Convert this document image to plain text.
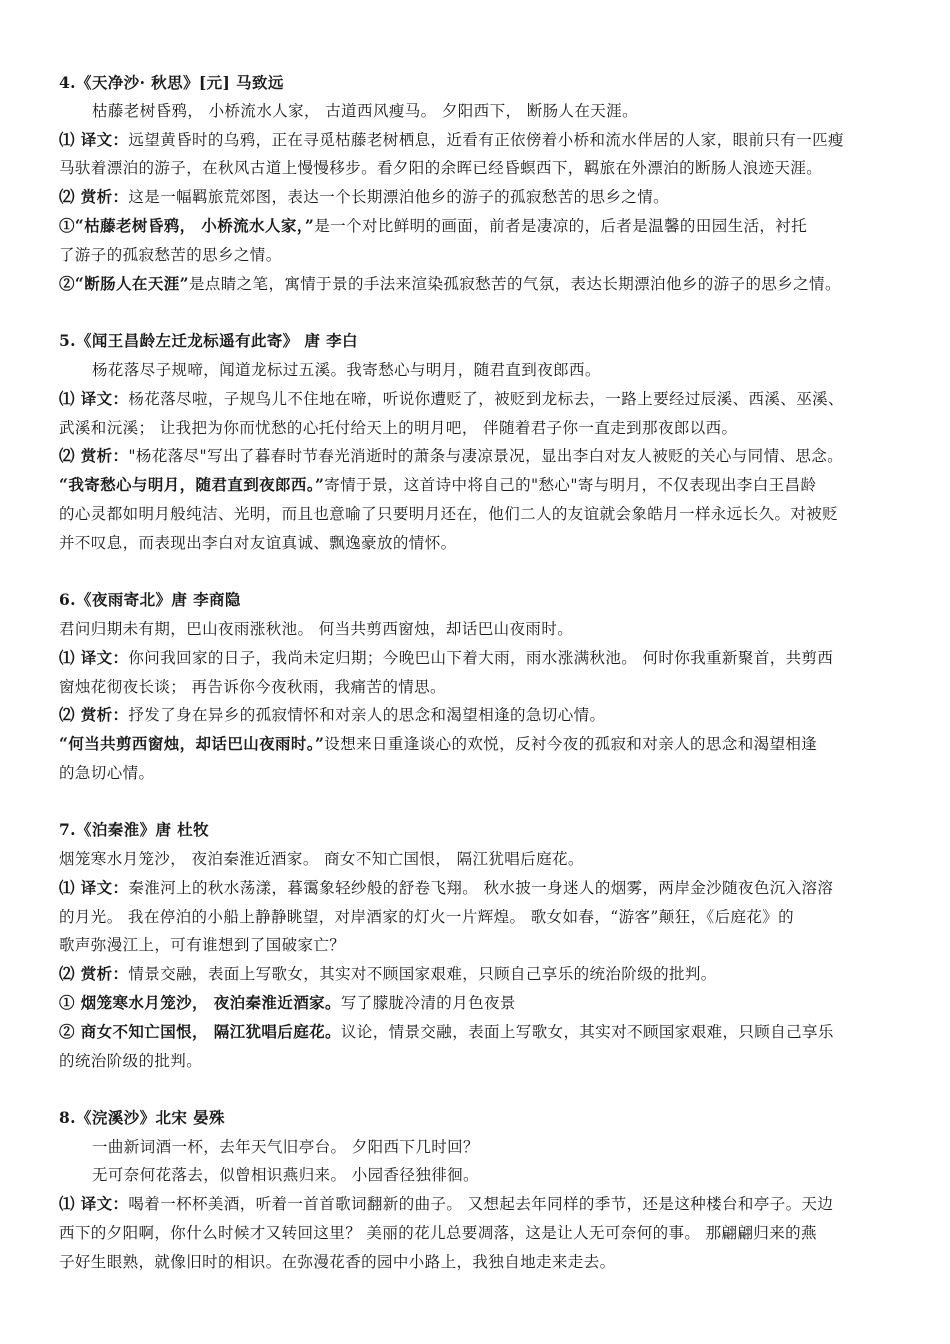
4.《天净沙· 秋思》[元] 马致远
枯藤老树昏鸦， 小桥流水人家， 古道西风瘦马。 夕阳西下， 断肠人在天涯。
⑴ 译文：远望黄昏时的乌鸦，正在寻觅枯藤老树栖息，近看有正依傍着小桥和流水伴居的人家，眼前只有一匹瘦
马驮着漂泊的游子，在秋风古道上慢慢移步。看夕阳的余晖已经昏螟西下，羁旅在外漂泊的断肠人浪迹天涯。
⑵ 赏析：这是一幅羁旅荒郊图，表达一个长期漂泊他乡的游子的孤寂愁苦的思乡之情。
①“枯藤老树昏鸦， 小桥流水人家，”是一个对比鲜明的画面，前者是凄凉的，后者是温馨的田园生活，衬托
了游子的孤寂愁苦的思乡之情。
②“断肠人在天涯”是点睛之笔，寓情于景的手法来渲染孤寂愁苦的气氛，表达长期漂泊他乡的游子的思乡之情。
5.《闻王昌龄左迁龙标遥有此寄》 唐 李白
杨花落尽子规啼，闻道龙标过五溪。我寄愁心与明月，随君直到夜郎西。
⑴ 译文：杨花落尽啦，子规鸟儿不住地在啼，听说你遭贬了，被贬到龙标去，一路上要经过辰溪、西溪、巫溪、
武溪和沅溪； 让我把为你而忧愁的心托付给天上的明月吧， 伴随着君子你一直走到那夜郎以西。
⑵ 赏析："杨花落尽"写出了暮春时节春光消逝时的萧条与凄凉景况，显出李白对友人被贬的关心与同情、思念。
“我寄愁心与明月，随君直到夜郎西。”寄情于景，这首诗中将自己的"愁心"寄与明月，不仅表现出李白王昌龄
的心灵都如明月般纯洁、光明，而且也意喻了只要明月还在，他们二人的友谊就会象皓月一样永远长久。对被贬
并不叹息，而表现出李白对友谊真诚、飘逸豪放的情怀。
6.《夜雨寄北》唐 李商隐
君问归期未有期，巴山夜雨涨秋池。 何当共剪西窗烛，却话巴山夜雨时。
⑴ 译文：你问我回家的日子，我尚未定归期；今晚巴山下着大雨，雨水涨满秋池。 何时你我重新聚首，共剪西
窗烛花彻夜长谈； 再告诉你今夜秋雨，我痛苦的情思。
⑵ 赏析：抒发了身在异乡的孤寂情怀和对亲人的思念和渴望相逢的急切心情。
“何当共剪西窗烛，却话巴山夜雨时。”设想来日重逢谈心的欢悦，反衬今夜的孤寂和对亲人的思念和渴望相逢
的急切心情。
7.《泊秦淮》唐 杜牧
烟笼寒水月笼沙， 夜泊秦淮近酒家。 商女不知亡国恨， 隔江犹唱后庭花。
⑴ 译文：秦淮河上的秋水荡漾，暮霭象轻纱般的舒卷飞翔。 秋水披一身迷人的烟雾，两岸金沙随夜色沉入溶溶
的月光。 我在停泊的小船上静静眺望，对岸酒家的灯火一片辉煌。 歌女如春，“游客”颠狂，《后庭花》的
歌声弥漫江上，可有谁想到了国破家亡？
⑵ 赏析：情景交融，表面上写歌女，其实对不顾国家艰难，只顾自己享乐的统治阶级的批判。
① 烟笼寒水月笼沙， 夜泊秦淮近酒家。写了朦胧冷清的月色夜景
② 商女不知亡国恨， 隔江犹唱后庭花。议论，情景交融，表面上写歌女，其实对不顾国家艰难，只顾自己享乐
的统治阶级的批判。
8.《浣溪沙》北宋 晏殊
一曲新词酒一杯，去年天气旧亭台。 夕阳西下几时回？
无可奈何花落去，似曾相识燕归来。 小园香径独徘徊。
⑴ 译文：喝着一杯杯美酒，听着一首首歌词翻新的曲子。 又想起去年同样的季节，还是这种楼台和亭子。天边
西下的夕阳啊，你什么时候才又转回这里？ 美丽的花儿总要凋落，这是让人无可奈何的事。 那翩翩归来的燕
子好生眼熟，就像旧时的相识。在弥漫花香的园中小路上，我独自地走来走去。
